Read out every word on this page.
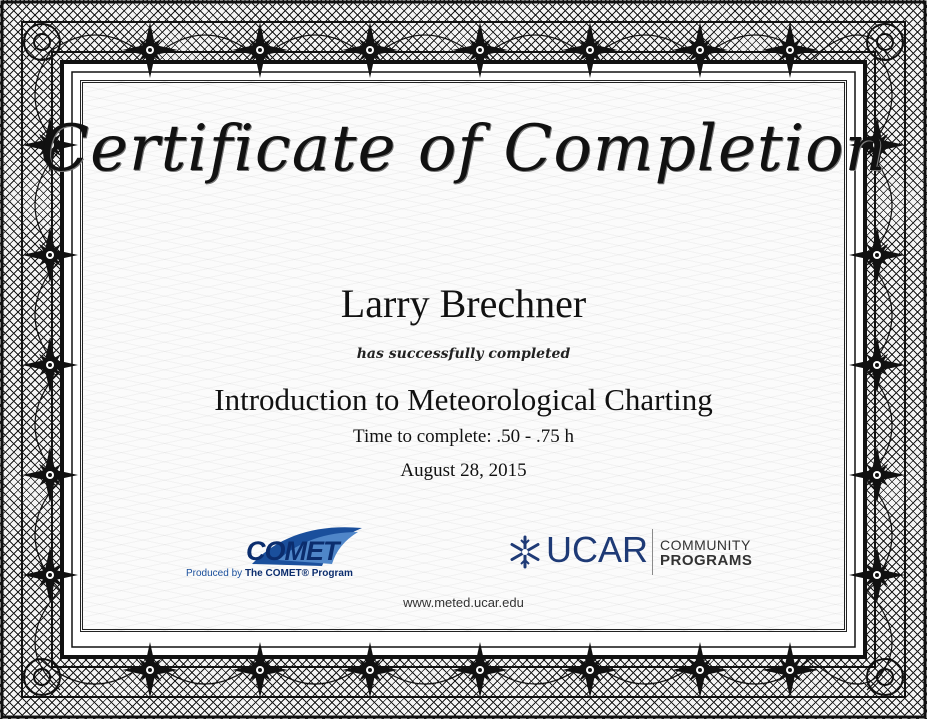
Certificate of Completion
Larry Brechner
has successfully completed
Introduction to Meteorological Charting
Time to complete: .50 - .75 h
August 28, 2015
COMET
Produced by The COMET® Program
UCAR COMMUNITY
PROGRAMS
www.meted.ucar.edu
